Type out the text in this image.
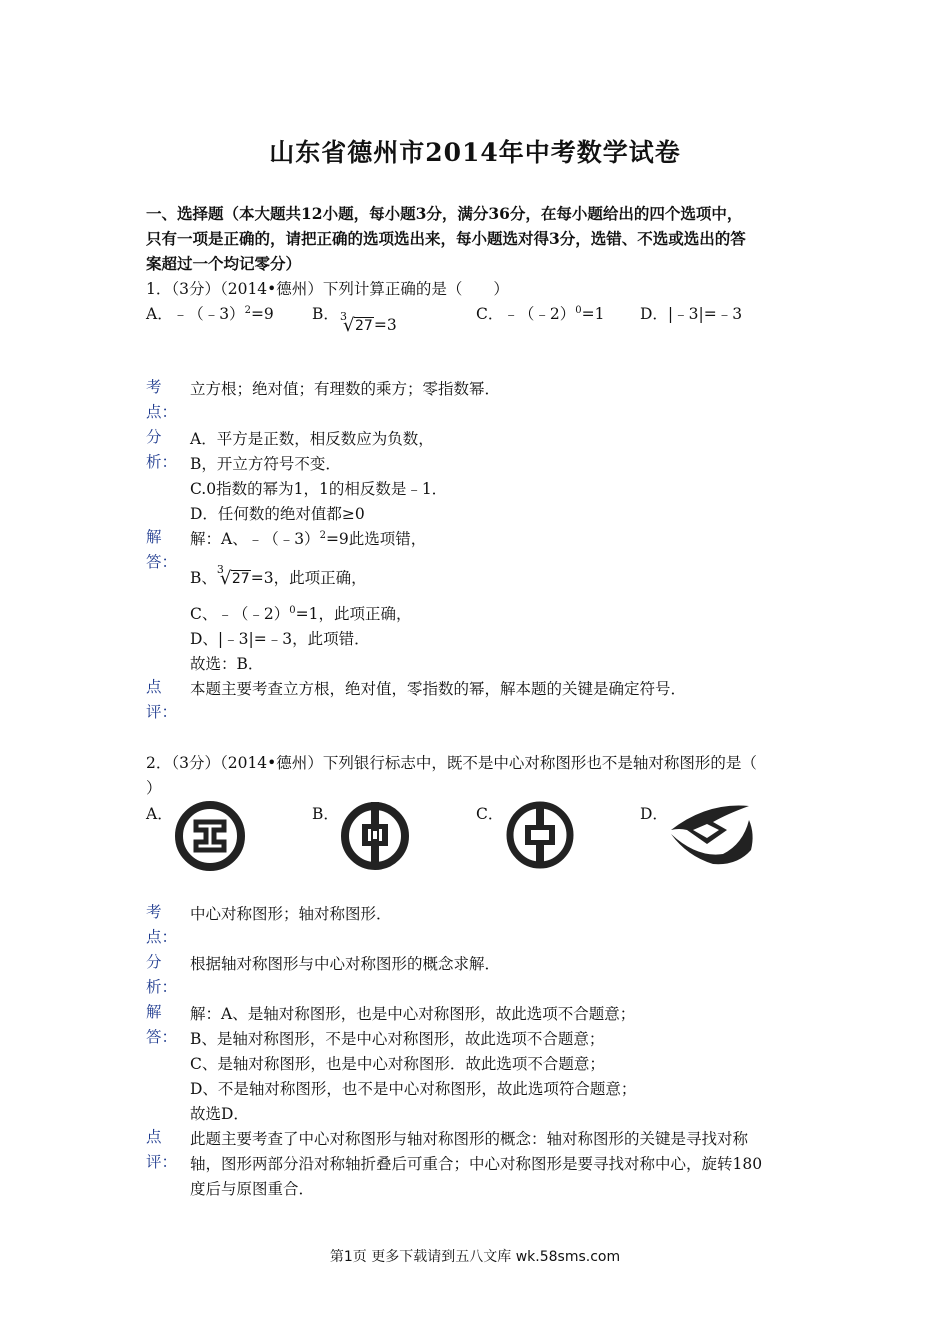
山东省德州市2014年中考数学试卷
一、选择题（本大题共12小题，每小题3分，满分36分，在每小题给出的四个选项中，
只有一项是正确的，请把正确的选项选出来，每小题选对得3分，选错、不选或选出的答
案超过一个均记零分）
1．（3分）（2014•德州）下列计算正确的是（　　）
A．﹣（﹣3）$^2$=9 B． 3
√ 27=3
C．﹣（﹣2）$^0$=1 D．|﹣3|=﹣3
考
点：
立方根；绝对值；有理数的乘方；零指数幂．
分
析：
A．平方是正数，相反数应为负数，
B，开立方符号不变．
C.0指数的幂为1，1的相反数是﹣1．
D．任何数的绝对值都≥0
解
答：
解：A、﹣（﹣3）$^2$=9此选项错，
B、 3
√ 27=3，此项正确，
C、﹣（﹣2）$^0$=1，此项正确，
D、|﹣3|=﹣3，此项错．
故选：B．
点
评：
本题主要考查立方根，绝对值，零指数的幂，解本题的关键是确定符号．
2．（3分）（2014•德州）下列银行标志中，既不是中心对称图形也不是轴对称图形的是（
）
A．	B．	C．	D．
考
点：
中心对称图形；轴对称图形．
分
析：
根据轴对称图形与中心对称图形的概念求解．
解
答：
解：A、是轴对称图形，也是中心对称图形，故此选项不合题意；
B、是轴对称图形，不是中心对称图形，故此选项不合题意；
C、是轴对称图形，也是中心对称图形．故此选项不合题意；
D、不是轴对称图形，也不是中心对称图形，故此选项符合题意；
故选D．
点
评：
此题主要考查了中心对称图形与轴对称图形的概念：轴对称图形的关键是寻找对称
轴，图形两部分沿对称轴折叠后可重合；中心对称图形是要寻找对称中心，旋转180
度后与原图重合．
第1页 更多下载请到五八文库 wk.58sms.com
